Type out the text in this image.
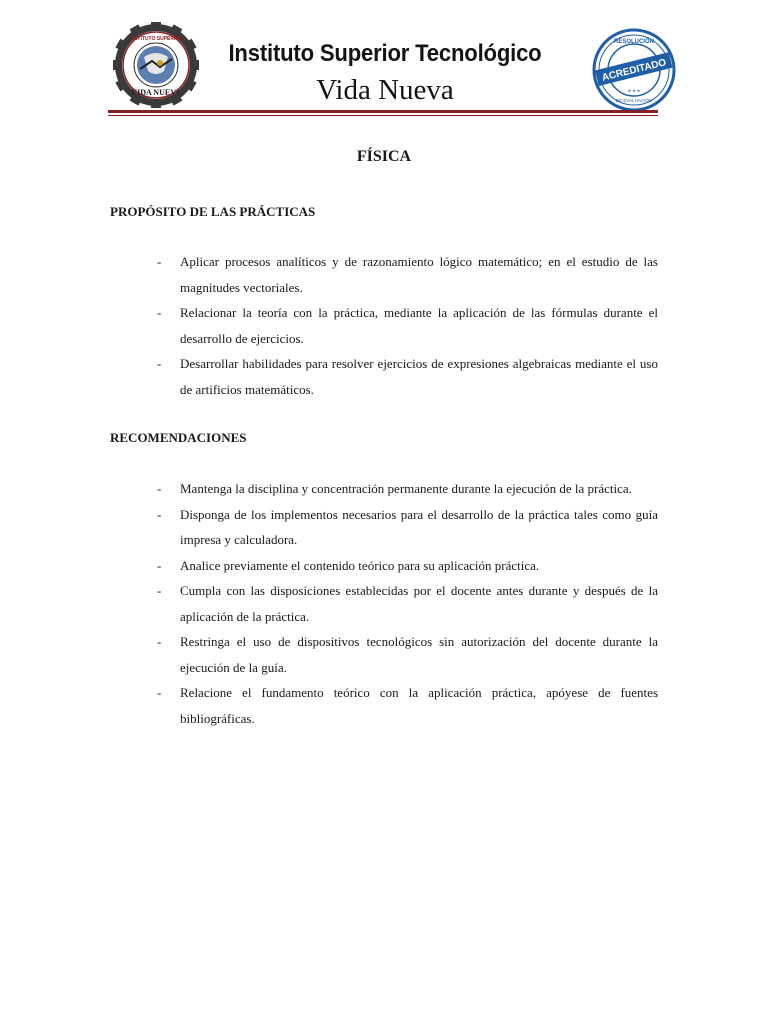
INSTITUTO SUPERIOR
VIDA NUEVA
Instituto Superior Tecnológico
Vida Nueva
RESOLUCIÓN
ACREDITADO
★ ★ ★
DE EVALUACIÓN
FÍSICA
PROPÓSITO DE LAS PRÁCTICAS
- Aplicar procesos analíticos y de razonamiento lógico matemático; en el estudio de las magnitudes vectoriales.
- Relacionar la teoría con la práctica, mediante la aplicación de las fórmulas durante el desarrollo de ejercicios.
- Desarrollar habilidades para resolver ejercicios de expresiones algebraicas mediante el uso de artificios matemáticos.
RECOMENDACIONES
- Mantenga la disciplina y concentración permanente durante la ejecución de la práctica.
- Disponga de los implementos necesarios para el desarrollo de la práctica tales como guía impresa y calculadora.
- Analice previamente el contenido teórico para su aplicación práctica.
- Cumpla con las disposiciones establecidas por el docente antes durante y después de la aplicación de la práctica.
- Restringa el uso de dispositivos tecnológicos sin autorización del docente durante la ejecución de la guía.
- Relacione el fundamento teórico con la aplicación práctica, apóyese de fuentes bibliográficas.
